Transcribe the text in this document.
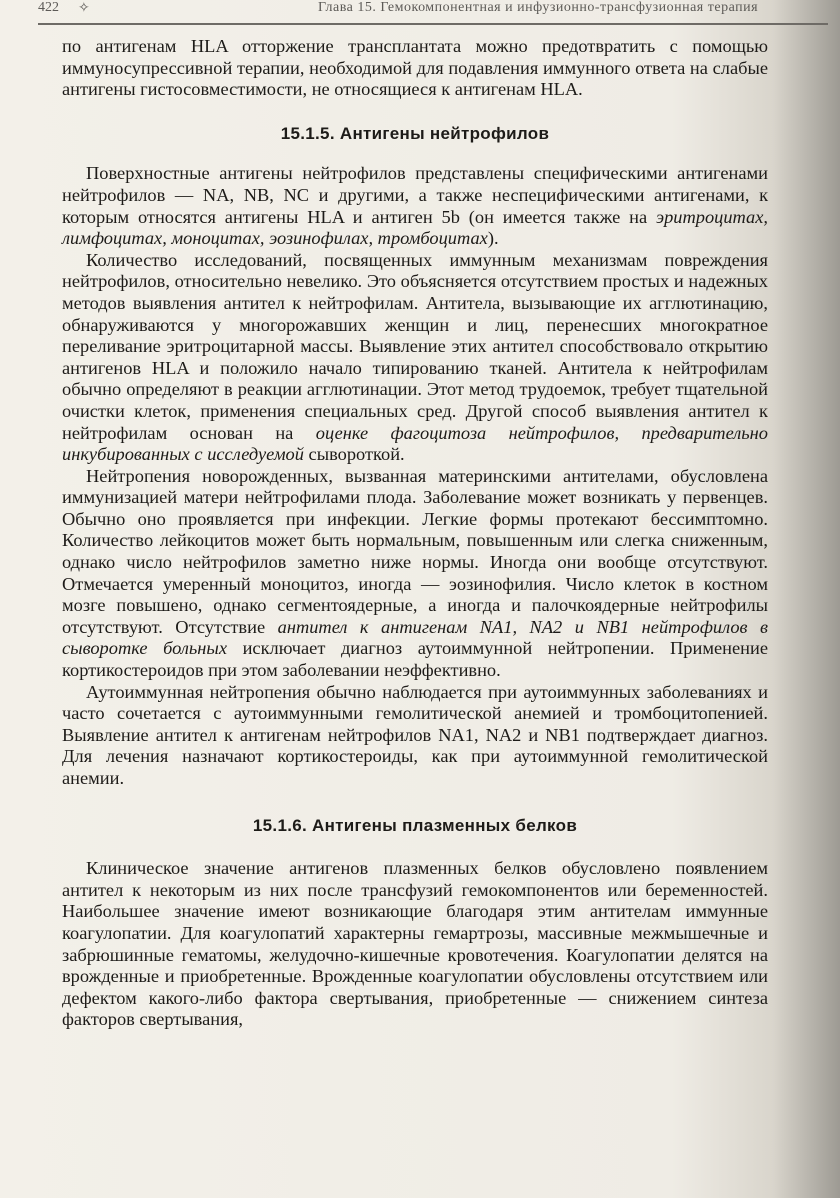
422 ✧	Глава 15. Гемокомпонентная и инфузионно-трансфузионная терапия

по антигенам HLA отторжение трансплантата можно предотвратить с помощью иммуносупрессивной терапии, необходимой для подавления иммунного ответа на слабые антигены гистосовместимости, не относящиеся к антигенам HLA.

15.1.5. Антигены нейтрофилов

Поверхностные антигены нейтрофилов представлены специфическими антигенами нейтрофилов — NA, NB, NC и другими, а также неспецифическими антигенами, к которым относятся антигены HLA и антиген 5b (он имеется также на эритроцитах, лимфоцитах, моноцитах, эозинофилах, тромбоцитах).

Количество исследований, посвященных иммунным механизмам повреждения нейтрофилов, относительно невелико. Это объясняется отсутствием простых и надежных методов выявления антител к нейтрофилам. Антитела, вызывающие их агглютинацию, обнаруживаются у многорожавших женщин и лиц, перенесших многократное переливание эритроцитарной массы. Выявление этих антител способствовало открытию антигенов HLA и положило начало типированию тканей. Антитела к нейтрофилам обычно определяют в реакции агглютинации. Этот метод трудоемок, требует тщательной очистки клеток, применения специальных сред. Другой способ выявления антител к нейтрофилам основан на оценке фагоцитоза нейтрофилов, предварительно инкубированных с исследуемой сывороткой.

Нейтропения новорожденных, вызванная материнскими антителами, обусловлена иммунизацией матери нейтрофилами плода. Заболевание может возникать у первенцев. Обычно оно проявляется при инфекции. Легкие формы протекают бессимптомно. Количество лейкоцитов может быть нормальным, повышенным или слегка сниженным, однако число нейтрофилов заметно ниже нормы. Иногда они вообще отсутствуют. Отмечается умеренный моноцитоз, иногда — эозинофилия. Число клеток в костном мозге повышено, однако сегментоядерные, а иногда и палочкоядерные нейтрофилы отсутствуют. Отсутствие антител к антигенам NA1, NA2 и NB1 нейтрофилов в сыворотке больных исключает диагноз аутоиммунной нейтропении. Применение кортикостероидов при этом заболевании неэффективно.

Аутоиммунная нейтропения обычно наблюдается при аутоиммунных заболеваниях и часто сочетается с аутоиммунными гемолитической анемией и тромбоцитопенией. Выявление антител к антигенам нейтрофилов NA1, NA2 и NB1 подтверждает диагноз. Для лечения назначают кортикостероиды, как при аутоиммунной гемолитической анемии.

15.1.6. Антигены плазменных белков

Клиническое значение антигенов плазменных белков обусловлено появлением антител к некоторым из них после трансфузий гемокомпонентов или беременностей. Наибольшее значение имеют возникающие благодаря этим антителам иммунные коагулопатии. Для коагулопатий характерны гемартрозы, массивные межмышечные и забрюшинные гематомы, желудочно-кишечные кровотечения. Коагулопатии делятся на врожденные и приобретенные. Врожденные коагулопатии обусловлены отсутствием или дефектом какого-либо фактора свертывания, приобретенные — снижением синтеза факторов свертывания,
